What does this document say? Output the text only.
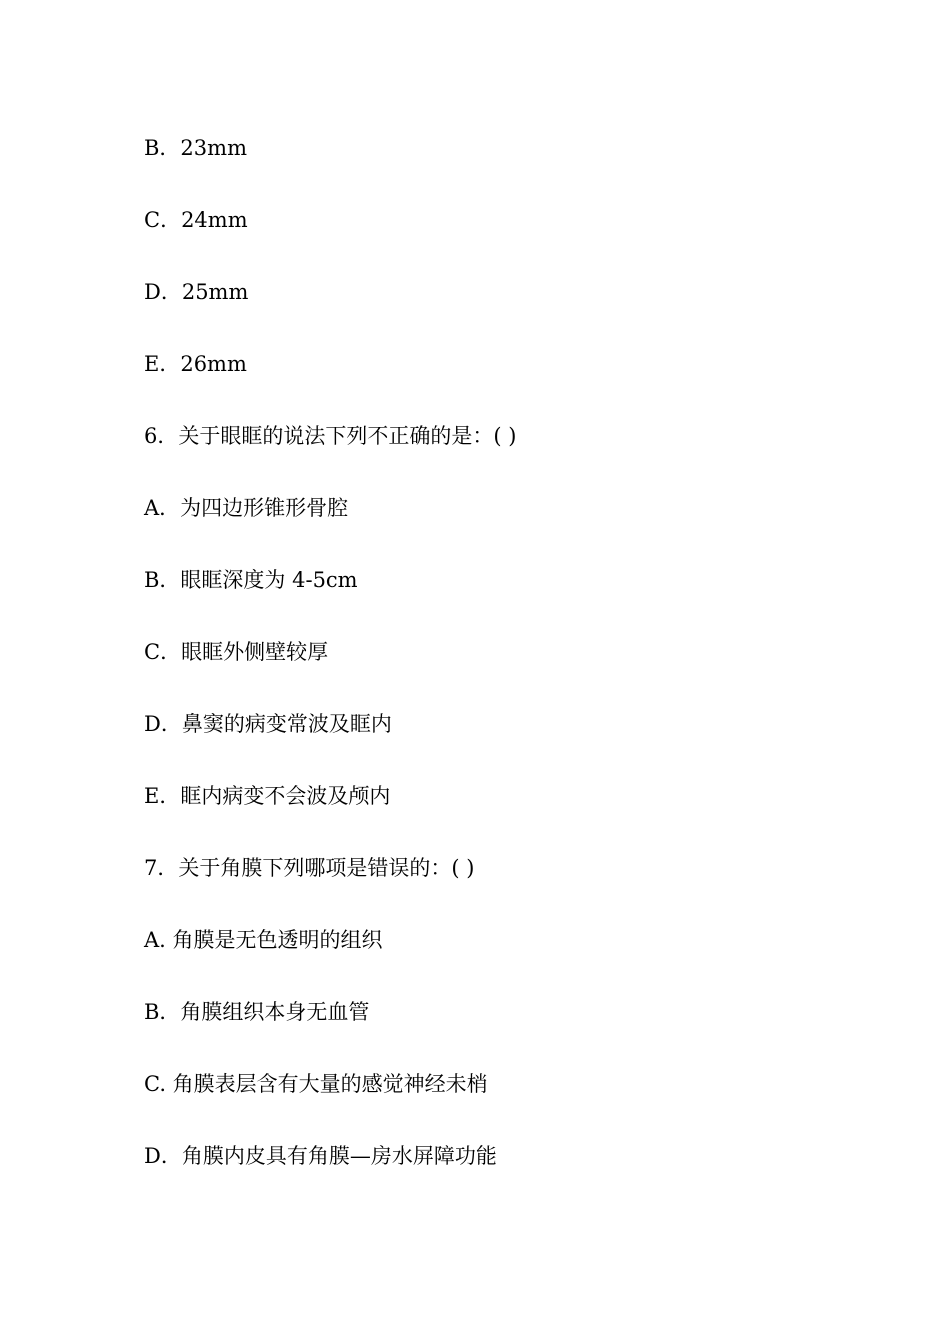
B．23mm
C．24mm
D．25mm
E．26mm
6．关于眼眶的说法下列不正确的是：( )
A．为四边形锥形骨腔
B．眼眶深度为 4-5cm
C．眼眶外侧壁较厚
D．鼻窦的病变常波及眶内
E．眶内病变不会波及颅内
7．关于角膜下列哪项是错误的：( )
A. 角膜是无色透明的组织
B．角膜组织本身无血管
C. 角膜表层含有大量的感觉神经未梢
D．角膜内皮具有角膜—房水屏障功能
